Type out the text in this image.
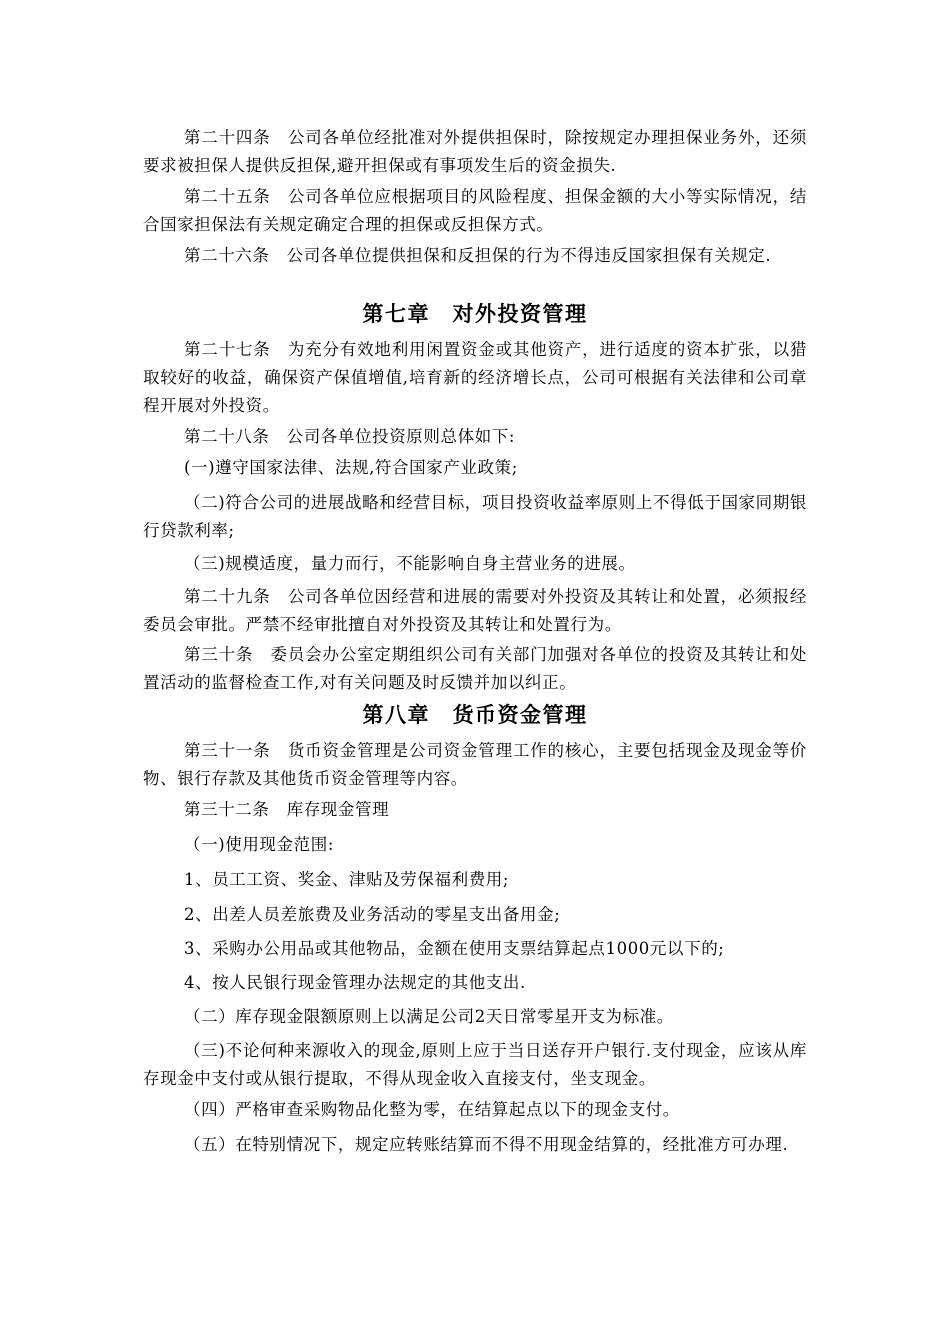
第二十四条　公司各单位经批准对外提供担保时，除按规定办理担保业务外，还须要求被担保人提供反担保,避开担保或有事项发生后的资金损失.
第二十五条　公司各单位应根据项目的风险程度、担保金额的大小等实际情况，结合国家担保法有关规定确定合理的担保或反担保方式。
第二十六条　公司各单位提供担保和反担保的行为不得违反国家担保有关规定.
第七章　对外投资管理
第二十七条　为充分有效地利用闲置资金或其他资产，进行适度的资本扩张，以猎取较好的收益，确保资产保值增值,培育新的经济增长点，公司可根据有关法律和公司章程开展对外投资。
第二十八条　公司各单位投资原则总体如下:
(一)遵守国家法律、法规,符合国家产业政策;
（二)符合公司的进展战略和经营目标，项目投资收益率原则上不得低于国家同期银行贷款利率;
（三)规模适度，量力而行，不能影响自身主营业务的进展。
第二十九条　公司各单位因经营和进展的需要对外投资及其转让和处置，必须报经委员会审批。严禁不经审批擅自对外投资及其转让和处置行为。
第三十条　委员会办公室定期组织公司有关部门加强对各单位的投资及其转让和处置活动的监督检查工作,对有关问题及时反馈并加以纠正。
第八章　货币资金管理
第三十一条　货币资金管理是公司资金管理工作的核心，主要包括现金及现金等价物、银行存款及其他货币资金管理等内容。
第三十二条　库存现金管理
（一)使用现金范围:
1、员工工资、奖金、津贴及劳保福利费用;
2、出差人员差旅费及业务活动的零星支出备用金;
3、采购办公用品或其他物品，金额在使用支票结算起点1000元以下的;
4、按人民银行现金管理办法规定的其他支出.
（二）库存现金限额原则上以满足公司2天日常零星开支为标准。
（三)不论何种来源收入的现金,原则上应于当日送存开户银行.支付现金，应该从库存现金中支付或从银行提取，不得从现金收入直接支付，坐支现金。
（四）严格审查采购物品化整为零，在结算起点以下的现金支付。
（五）在特别情况下，规定应转账结算而不得不用现金结算的，经批准方可办理.
